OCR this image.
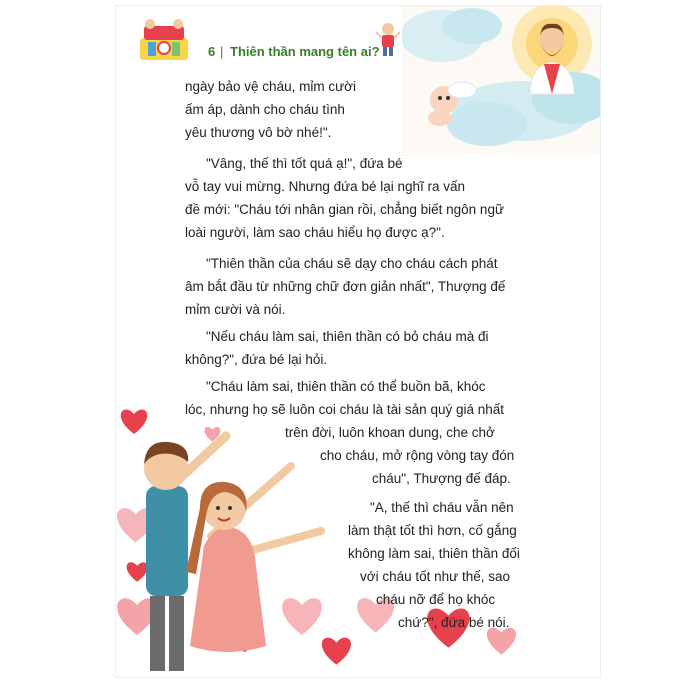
6 | Thiên thần mang tên ai?
ngày bảo vệ cháu, mỉm cười
ấm áp, dành cho cháu tình
yêu thương vô bờ nhé!".
"Vâng, thế thì tốt quá ạ!", đứa bé
vỗ tay vui mừng. Nhưng đứa bé lại nghĩ ra vấn
đề mới: "Cháu tới nhân gian rồi, chẳng biết ngôn ngữ
loài người, làm sao cháu hiểu họ được ạ?".
"Thiên thần của cháu sẽ dạy cho cháu cách phát
âm bắt đầu từ những chữ đơn giản nhất", Thượng đế
mỉm cười và nói.
"Nếu cháu làm sai, thiên thần có bỏ cháu mà đi
không?", đứa bé lại hỏi.
"Cháu làm sai, thiên thần có thể buồn bã, khóc
lóc, nhưng họ sẽ luôn coi cháu là tài sản quý giá nhất
trên đời, luôn khoan dung, che chở
cho cháu, mở rộng vòng tay đón
cháu", Thượng đế đáp.
"A, thế thì cháu vẫn nên
làm thật tốt thì hơn, cố gắng
không làm sai, thiên thần đối
với cháu tốt như thế, sao
cháu nỡ để họ khóc
chứ?", đứa bé nói.
